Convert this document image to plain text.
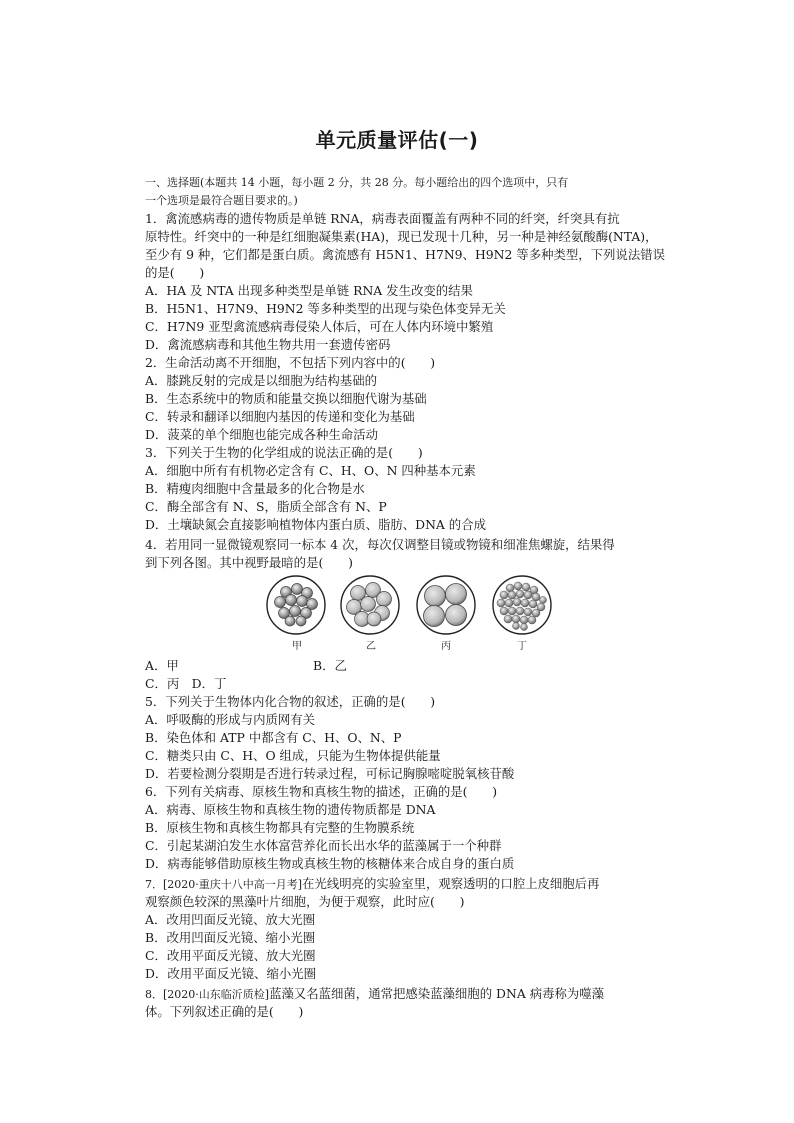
单元质量评估(一)
一、选择题(本题共 14 小题，每小题 2 分，共 28 分。每小题给出的四个选项中，只有
一个选项是最符合题目要求的。)
1．禽流感病毒的遗传物质是单链 RNA，病毒表面覆盖有两种不同的纤突，纤突具有抗
原特性。纤突中的一种是红细胞凝集素(HA)，现已发现十几种，另一种是神经氨酸酶(NTA)，
至少有 9 种，它们都是蛋白质。禽流感有 H5N1、H7N9、H9N2 等多种类型，下列说法错误
的是(　　)
A．HA 及 NTA 出现多种类型是单链 RNA 发生改变的结果
B．H5N1、H7N9、H9N2 等多种类型的出现与染色体变异无关
C．H7N9 亚型禽流感病毒侵染人体后，可在人体内环境中繁殖
D．禽流感病毒和其他生物共用一套遗传密码
2．生命活动离不开细胞，不包括下列内容中的(　　)
A．膝跳反射的完成是以细胞为结构基础的
B．生态系统中的物质和能量交换以细胞代谢为基础
C．转录和翻译以细胞内基因的传递和变化为基础
D．菠菜的单个细胞也能完成各种生命活动
3．下列关于生物的化学组成的说法正确的是(　　)
A．细胞中所有有机物必定含有 C、H、O、N 四种基本元素
B．精瘦肉细胞中含量最多的化合物是水
C．酶全部含有 N、S，脂质全部含有 N、P
D．土壤缺氮会直接影响植物体内蛋白质、脂肪、DNA 的合成
4．若用同一显微镜观察同一标本 4 次，每次仅调整目镜或物镜和细准焦螺旋，结果得
到下列各图。其中视野最暗的是(　　)
甲	乙	丙	丁
A．甲	B．乙
C．丙　D．丁
5．下列关于生物体内化合物的叙述，正确的是(　　)
A．呼吸酶的形成与内质网有关
B．染色体和 ATP 中都含有 C、H、O、N、P
C．糖类只由 C、H、O 组成，只能为生物体提供能量
D．若要检测分裂期是否进行转录过程，可标记胸腺嘧啶脱氧核苷酸
6．下列有关病毒、原核生物和真核生物的描述，正确的是(　　)
A．病毒、原核生物和真核生物的遗传物质都是 DNA
B．原核生物和真核生物都具有完整的生物膜系统
C．引起某湖泊发生水体富营养化而长出水华的蓝藻属于一个种群
D．病毒能够借助原核生物或真核生物的核糖体来合成自身的蛋白质
7．[2020·重庆十八中高一月考]在光线明亮的实验室里，观察透明的口腔上皮细胞后再
观察颜色较深的黑藻叶片细胞，为便于观察，此时应(　　)
A．改用凹面反光镜、放大光圈
B．改用凹面反光镜、缩小光圈
C．改用平面反光镜、放大光圈
D．改用平面反光镜、缩小光圈
8．[2020·山东临沂质检]蓝藻又名蓝细菌，通常把感染蓝藻细胞的 DNA 病毒称为噬藻
体。下列叙述正确的是(　　)
